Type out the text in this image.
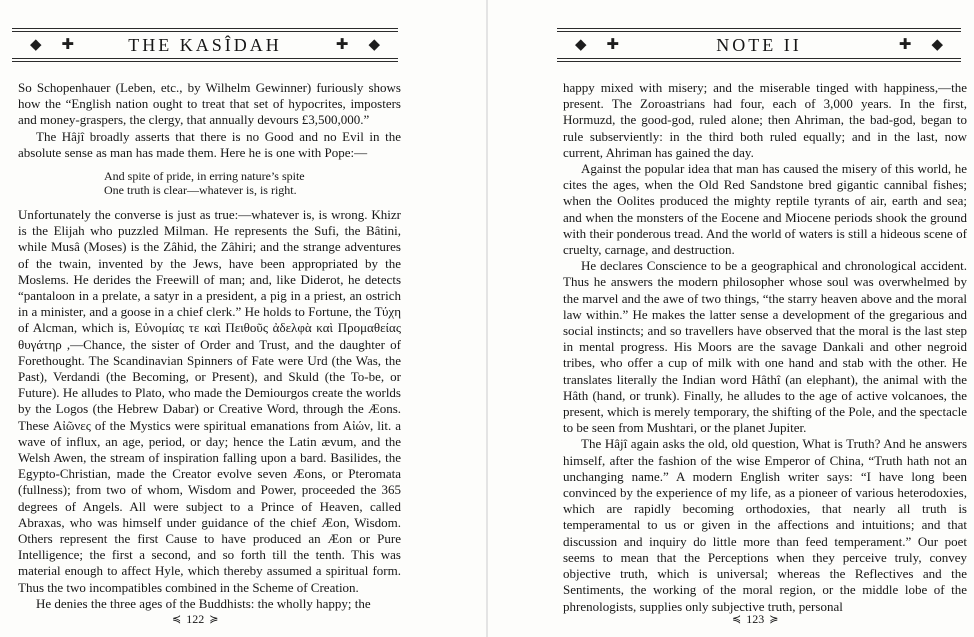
◆ ✚	THE KASÎDAH	✚ ◆

So Schopenhauer (Leben, etc., by Wilhelm Gewinner) furiously shows how the “English nation ought to treat that set of hypocrites, imposters and money-graspers, the clergy, that annually devours £3,500,000.”

The Hâjî broadly asserts that there is no Good and no Evil in the absolute sense as man has made them. Here he is one with Pope:—

And spite of pride, in erring nature’s spite
One truth is clear—whatever is, is right.

Unfortunately the converse is just as true:—whatever is, is wrong. Khizr is the Elijah who puzzled Milman. He represents the Sufi, the Bâtini, while Musâ (Moses) is the Zâhid, the Zâhiri; and the strange adventures of the twain, invented by the Jews, have been appropriated by the Moslems. He derides the Freewill of man; and, like Diderot, he detects “pantaloon in a prelate, a satyr in a president, a pig in a priest, an ostrich in a minister, and a goose in a chief clerk.” He holds to Fortune, the Τύχη of Alcman, which is, Εὐνομίας τε καὶ Πειθοῦς ἀδελφὰ καὶ Προμαθείας θυγάτηρ ,—Chance, the sister of Order and Trust, and the daughter of Forethought. The Scandinavian Spinners of Fate were Urd (the Was, the Past), Verdandi (the Becoming, or Present), and Skuld (the To-be, or Future). He alludes to Plato, who made the Demiourgos create the worlds by the Logos (the Hebrew Dabar) or Creative Word, through the Æons. These Αἰῶνες of the Mystics were spiritual emanations from Αἰών, lit. a wave of influx, an age, period, or day; hence the Latin ævum, and the Welsh Awen, the stream of inspiration falling upon a bard. Basilides, the Egypto-Christian, made the Creator evolve seven Æons, or Pteromata (fullness); from two of whom, Wisdom and Power, proceeded the 365 degrees of Angels. All were subject to a Prince of Heaven, called Abraxas, who was himself under guidance of the chief Æon, Wisdom. Others represent the first Cause to have produced an Æon or Pure Intelligence; the first a second, and so forth till the tenth. This was material enough to affect Hyle, which thereby assumed a spiritual form. Thus the two incompatibles combined in the Scheme of Creation.

He denies the three ages of the Buddhists: the wholly happy; the

≼ 122 ≽
◆ ✚	NOTE II	✚ ◆

happy mixed with misery; and the miserable tinged with happiness,—the present. The Zoroastrians had four, each of 3,000 years. In the first, Hormuzd, the good-god, ruled alone; then Ahriman, the bad-god, began to rule subserviently: in the third both ruled equally; and in the last, now current, Ahriman has gained the day.

Against the popular idea that man has caused the misery of this world, he cites the ages, when the Old Red Sandstone bred gigantic cannibal fishes; when the Oolites produced the mighty reptile tyrants of air, earth and sea; and when the monsters of the Eocene and Miocene periods shook the ground with their ponderous tread. And the world of waters is still a hideous scene of cruelty, carnage, and destruction.

He declares Conscience to be a geographical and chronological accident. Thus he answers the modern philosopher whose soul was overwhelmed by the marvel and the awe of two things, “the starry heaven above and the moral law within.” He makes the latter sense a development of the gregarious and social instincts; and so travellers have observed that the moral is the last step in mental progress. His Moors are the savage Dankali and other negroid tribes, who offer a cup of milk with one hand and stab with the other. He translates literally the Indian word Hâthî (an elephant), the animal with the Hâth (hand, or trunk). Finally, he alludes to the age of active volcanoes, the present, which is merely temporary, the shifting of the Pole, and the spectacle to be seen from Mushtari, or the planet Jupiter.

The Hâjî again asks the old, old question, What is Truth? And he answers himself, after the fashion of the wise Emperor of China, “Truth hath not an unchanging name.” A modern English writer says: “I have long been convinced by the experience of my life, as a pioneer of various heterodoxies, which are rapidly becoming orthodoxies, that nearly all truth is temperamental to us or given in the affections and intuitions; and that discussion and inquiry do little more than feed temperament.” Our poet seems to mean that the Perceptions when they perceive truly, convey objective truth, which is universal; whereas the Reflectives and the Sentiments, the working of the moral region, or the middle lobe of the phrenologists, supplies only subjective truth, personal

≼ 123 ≽
